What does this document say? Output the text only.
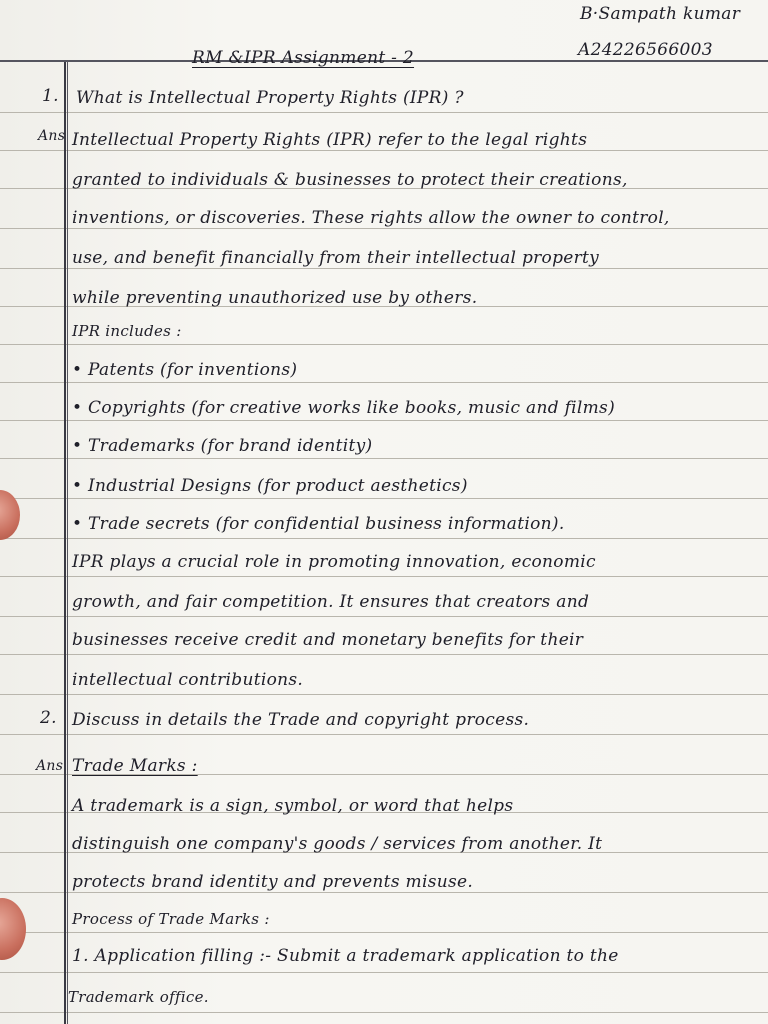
B·Sampath kumar
A24226566003
RM &IPR Assignment - 2
1. What is Intellectual Property Rights (IPR) ?
Ans Intellectual Property Rights (IPR) refer to the legal rights
granted to individuals & businesses to protect their creations,
inventions, or discoveries. These rights allow the owner to control,
use, and benefit financially from their intellectual property
while preventing unauthorized use by others.
IPR includes :
• Patents (for inventions)
• Copyrights (for creative works like books, music and films)
• Trademarks (for brand identity)
• Industrial Designs (for product aesthetics)
• Trade secrets (for confidential business information).
IPR plays a crucial role in promoting innovation, economic
growth, and fair competition. It ensures that creators and
businesses receive credit and monetary benefits for their
intellectual contributions.
2. Discuss in details the Trade and copyright process.
Ans Trade Marks :
A trademark is a sign, symbol, or word that helps
distinguish one company's goods / services from another. It
protects brand identity and prevents misuse.
Process of Trade Marks :
1. Application filling :- Submit a trademark application to the
Trademark office.
